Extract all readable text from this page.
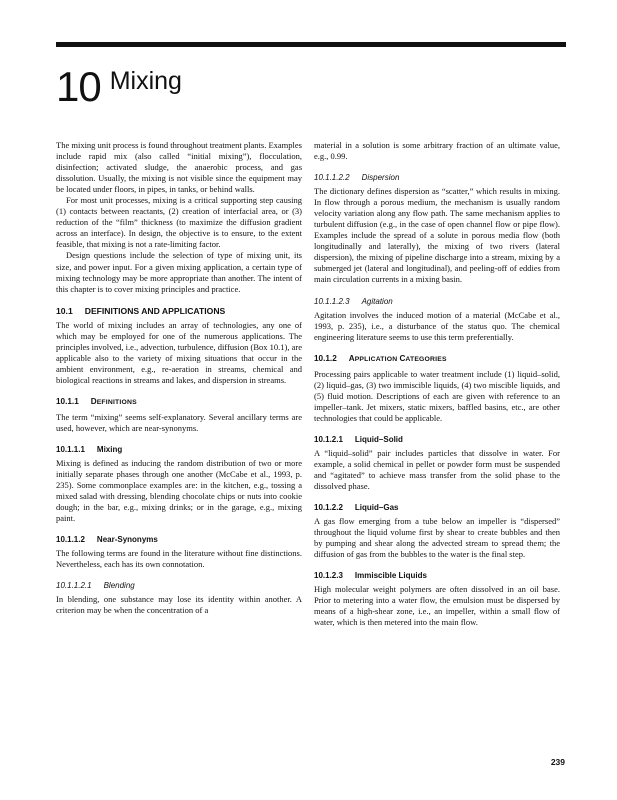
10 Mixing

The mixing unit process is found throughout treatment plants. Examples include rapid mix (also called “initial mixing”), flocculation, disinfection; activated sludge, the anaerobic process, and gas dissolution. Usually, the mixing is not visible since the equipment may be located under floors, in pipes, in tanks, or behind walls.

For most unit processes, mixing is a critical supporting step causing (1) contacts between reactants, (2) creation of interfacial area, or (3) reduction of the “film” thickness (to maximize the diffusion gradient across an interface). In design, the objective is to ensure, to the extent feasible, that mixing is not a rate-limiting factor.

Design questions include the selection of type of mixing unit, its size, and power input. For a given mixing application, a certain type of mixing technology may be more appropriate than another. The intent of this chapter is to cover mixing principles and practice.

10.1 DEFINITIONS AND APPLICATIONS

The world of mixing includes an array of technologies, any one of which may be employed for one of the numerous applications. The principles involved, i.e., advection, turbulence, diffusion (Box 10.1), are applicable also to the variety of mixing situations that occur in the ambient environment, e.g., re-aeration in streams, chemical and biological reactions in streams and lakes, and dispersion in streams.

10.1.1 DEFINITIONS

The term “mixing” seems self-explanatory. Several ancillary terms are used, however, which are near-synonyms.

10.1.1.1 Mixing

Mixing is defined as inducing the random distribution of two or more initially separate phases through one another (McCabe et al., 1993, p. 235). Some commonplace examples are: in the kitchen, e.g., tossing a mixed salad with dressing, blending chocolate chips or nuts into cookie dough; in the bar, e.g., mixing drinks; or in the garage, e.g., mixing paint.

10.1.1.2 Near-Synonyms

The following terms are found in the literature without fine distinctions. Nevertheless, each has its own connotation.

10.1.1.2.1 Blending

In blending, one substance may lose its identity within another. A criterion may be when the concentration of a

material in a solution is some arbitrary fraction of an ultimate value, e.g., 0.99.

10.1.1.2.2 Dispersion

The dictionary defines dispersion as “scatter,” which results in mixing. In flow through a porous medium, the mechanism is usually random velocity variation along any flow path. The same mechanism applies to turbulent diffusion (e.g., in the case of open channel flow or pipe flow). Examples include the spread of a solute in porous media flow (both longitudinally and laterally), the mixing of two rivers (lateral dispersion), the mixing of pipeline discharge into a stream, mixing by a submerged jet (lateral and longitudinal), and peeling-off of eddies from main circulation currents in a mixing basin.

10.1.1.2.3 Agitation

Agitation involves the induced motion of a material (McCabe et al., 1993, p. 235), i.e., a disturbance of the status quo. The chemical engineering literature seems to use this term preferentially.

10.1.2 APPLICATION CATEGORIES

Processing pairs applicable to water treatment include (1) liquid–solid, (2) liquid–gas, (3) two immiscible liquids, (4) two miscible liquids, and (5) fluid motion. Descriptions of each are given with reference to an impeller–tank. Jet mixers, static mixers, baffled basins, etc., are other technologies that could be applicable.

10.1.2.1 Liquid–Solid

A “liquid–solid” pair includes particles that dissolve in water. For example, a solid chemical in pellet or powder form must be suspended and “agitated” to achieve mass transfer from the solid phase to the dissolved phase.

10.1.2.2 Liquid–Gas

A gas flow emerging from a tube below an impeller is “dispersed” throughout the liquid volume first by shear to create bubbles and then by pumping and shear along the advected stream to spread them; the diffusion of gas from the bubbles to the water is the final step.

10.1.2.3 Immiscible Liquids

High molecular weight polymers are often dissolved in an oil base. Prior to metering into a water flow, the emulsion must be dispersed by means of a high-shear zone, i.e., an impeller, within a small flow of water, which is then metered into the main flow.

239
